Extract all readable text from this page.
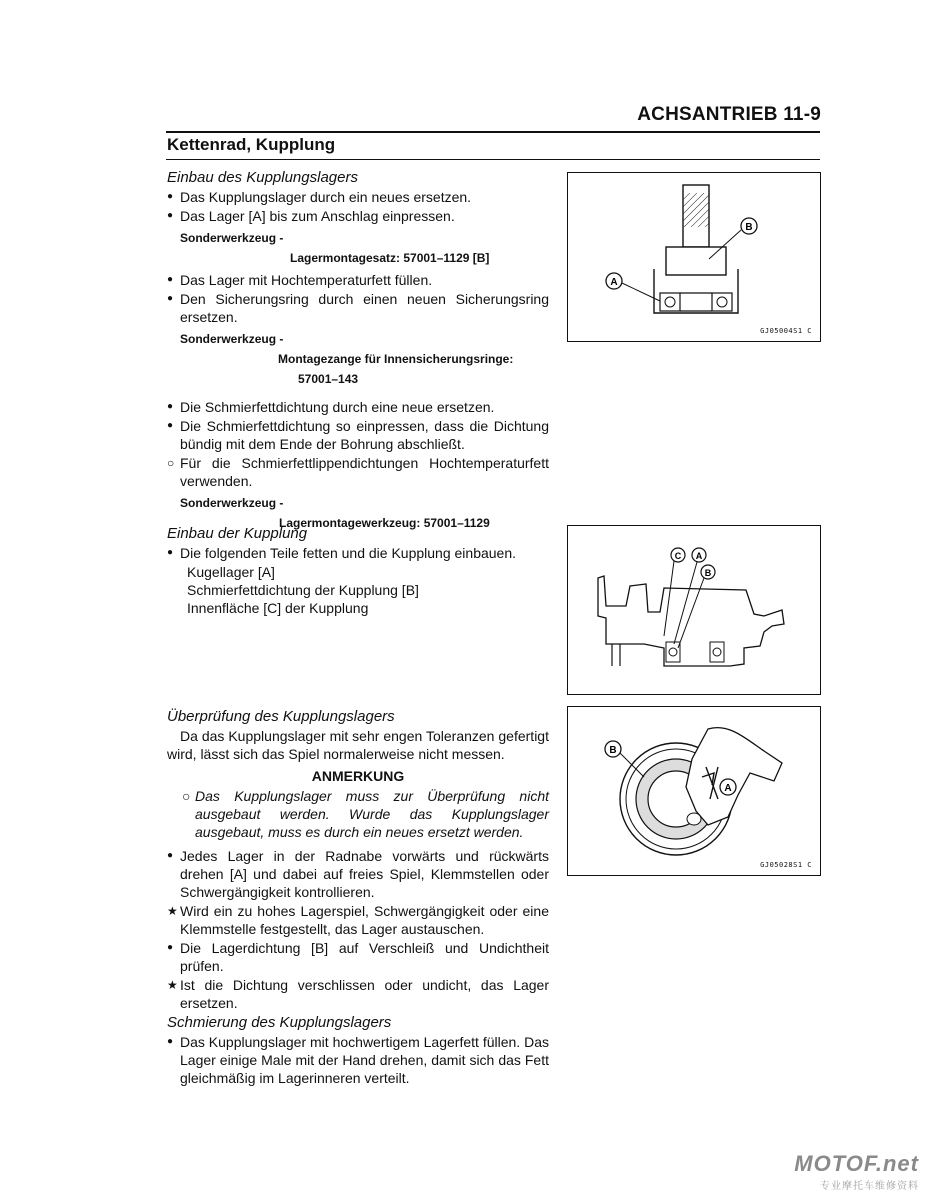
ACHSANTRIEB 11-9
Kettenrad, Kupplung
Einbau des Kupplungslagers
● Das Kupplungslager durch ein neues ersetzen.
● Das Lager [A] bis zum Anschlag einpressen.
Sonderwerkzeug -
Lagermontagesatz: 57001–1129 [B]
● Das Lager mit Hochtemperaturfett füllen.
● Den Sicherungsring durch einen neuen Sicherungsring ersetzen.
Sonderwerkzeug -
Montagezange für Innensicherungsringe:
57001–143
● Die Schmierfettdichtung durch eine neue ersetzen.
● Die Schmierfettdichtung so einpressen, dass die Dichtung bündig mit dem Ende der Bohrung abschließt.
○ Für die Schmierfettlippendichtungen Hochtemperaturfett verwenden.
Sonderwerkzeug -
Lagermontagewerkzeug: 57001–1129
Einbau der Kupplung
● Die folgenden Teile fetten und die Kupplung einbauen.
Kugellager [A]
Schmierfettdichtung der Kupplung [B]
Innenfläche [C] der Kupplung
Überprüfung des Kupplungslagers
Da das Kupplungslager mit sehr engen Toleranzen gefertigt wird, lässt sich das Spiel normalerweise nicht messen.
ANMERKUNG
○ Das Kupplungslager muss zur Überprüfung nicht ausgebaut werden. Wurde das Kupplungslager ausgebaut, muss es durch ein neues ersetzt werden.
● Jedes Lager in der Radnabe vorwärts und rückwärts drehen [A] und dabei auf freies Spiel, Klemmstellen oder Schwergängigkeit kontrollieren.
★ Wird ein zu hohes Lagerspiel, Schwergängigkeit oder eine Klemmstelle festgestellt, das Lager austauschen.
● Die Lagerdichtung [B] auf Verschleiß und Undichtheit prüfen.
★ Ist die Dichtung verschlissen oder undicht, das Lager ersetzen.
Schmierung des Kupplungslagers
● Das Kupplungslager mit hochwertigem Lagerfett füllen. Das Lager einige Male mit der Hand drehen, damit sich das Fett gleichmäßig im Lagerinneren verteilt.
B
A
GJ05004S1 C
C A
B
B
A
GJ05028S1 C
MOTOF.net
专业摩托车维修资料
